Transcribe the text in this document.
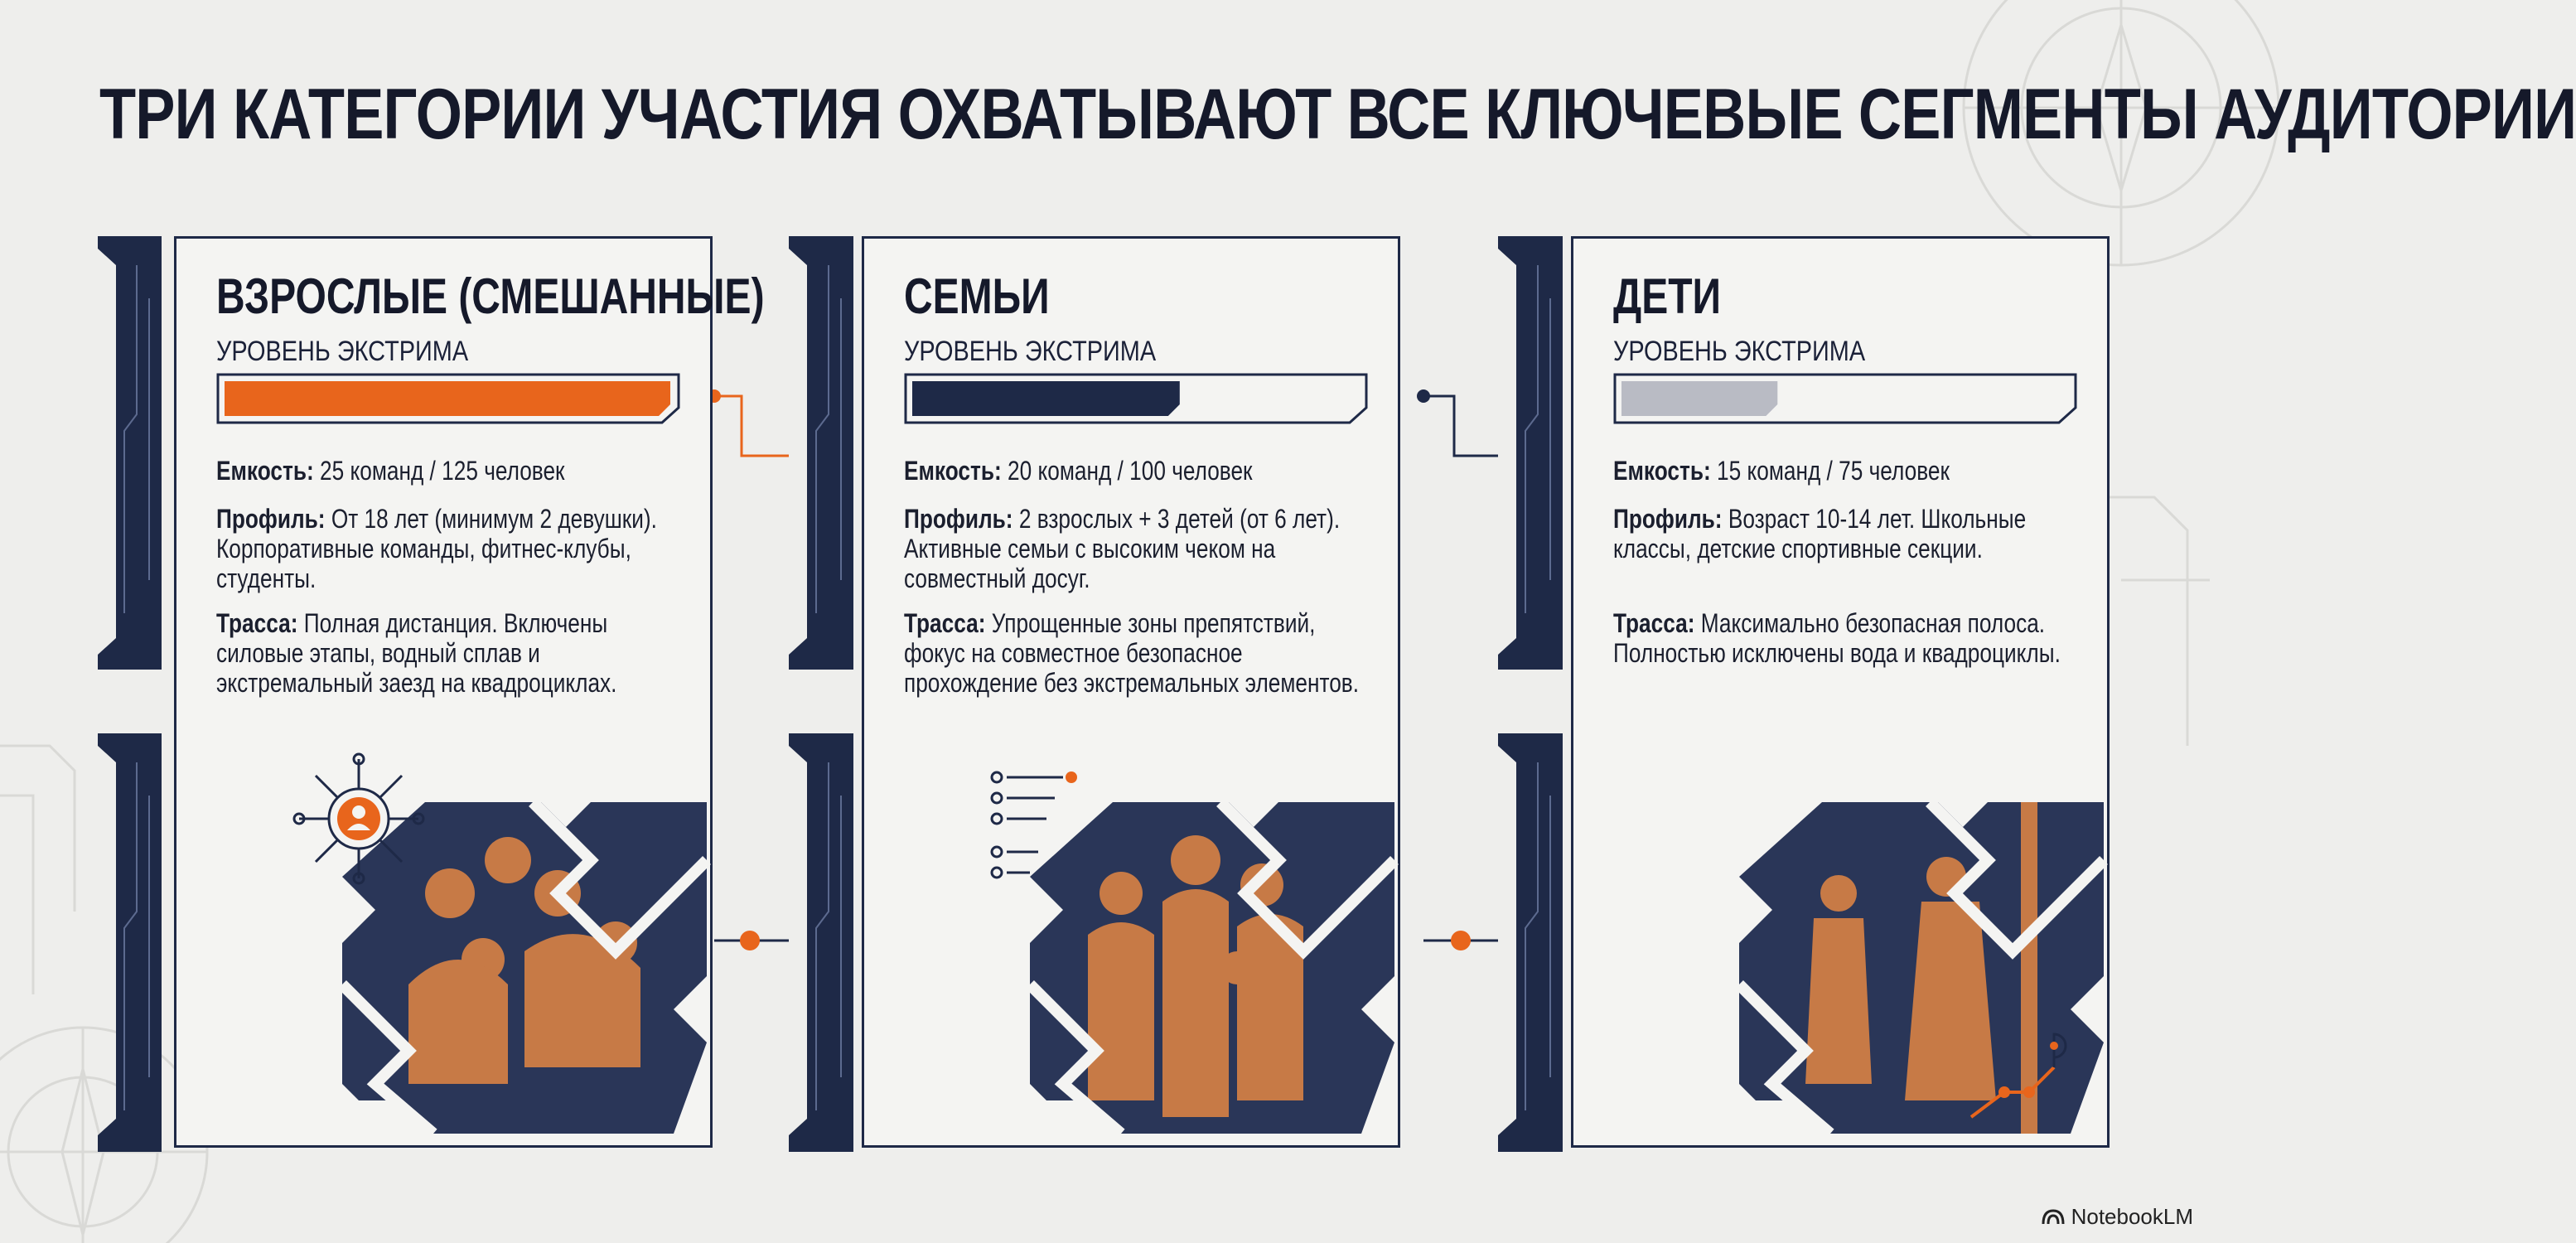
ТРИ КАТЕГОРИИ УЧАСТИЯ ОХВАТЫВАЮТ ВСЕ КЛЮЧЕВЫЕ СЕГМЕНТЫ АУДИТОРИИ
ВЗРОСЛЫЕ (СМЕШАННЫЕ)
УРОВЕНЬ ЭКСТРИМА
Емкость: 25 команд / 125 человек
Профиль: От 18 лет (минимум 2 девушки). Корпоративные команды, фитнес-клубы, студенты.
Трасса: Полная дистанция. Включены силовые этапы, водный сплав и экстремальный заезд на квадроциклах.
СЕМЬИ
УРОВЕНЬ ЭКСТРИМА
Емкость: 20 команд / 100 человек
Профиль: 2 взрослых + 3 детей (от 6 лет). Активные семьи с высоким чеком на совместный досуг.
Трасса: Упрощенные зоны препятствий, фокус на совместное безопасное прохождение без экстремальных элементов.
ДЕТИ
УРОВЕНЬ ЭКСТРИМА
Емкость: 15 команд / 75 человек
Профиль: Возраст 10-14 лет. Школьные классы, детские спортивные секции.
Трасса: Максимально безопасная полоса. Полностью исключены вода и квадроциклы.
NotebookLM
